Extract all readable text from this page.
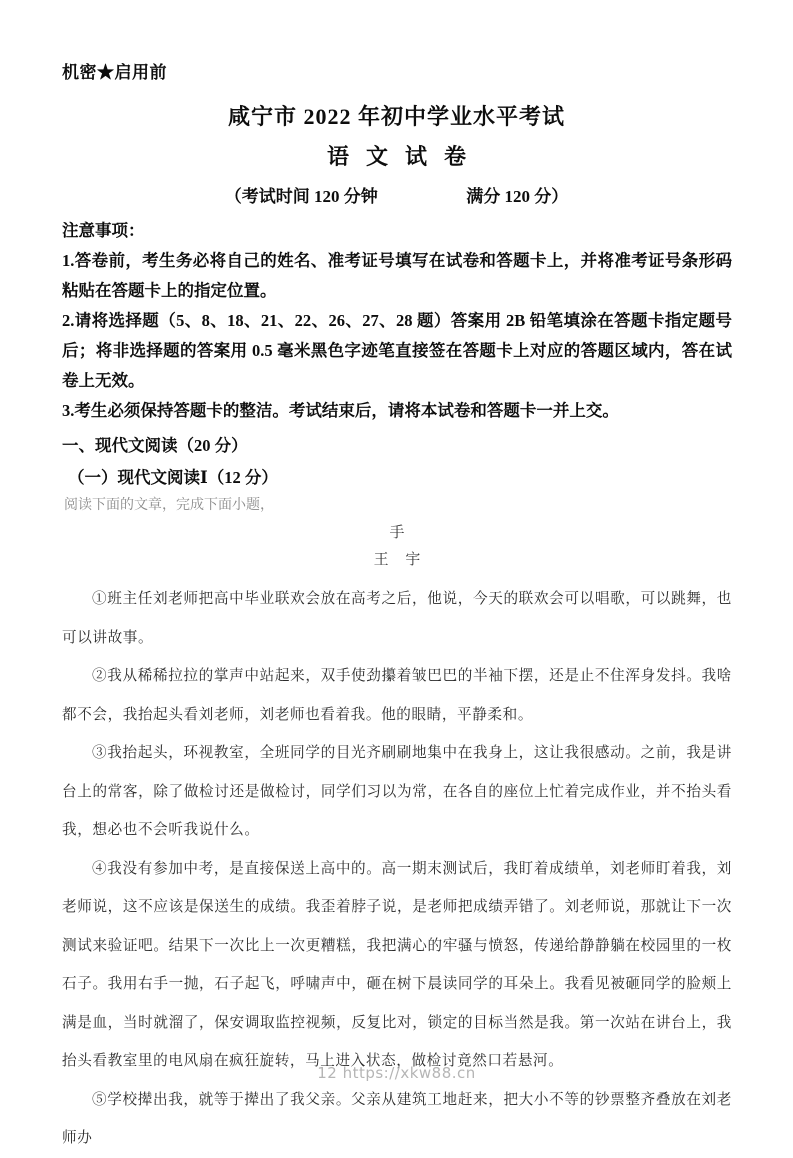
机密★启用前
咸宁市 2022 年初中学业水平考试
语文试卷
（考试时间 120 分钟	满分 120 分）
注意事项：
1.答卷前，考生务必将自己的姓名、准考证号填写在试卷和答题卡上，并将准考证号条形码粘贴在答题卡上的指定位置。
2.请将选择题（5、8、18、21、22、26、27、28 题）答案用 2B 铅笔填涂在答题卡指定题号后；将非选择题的答案用 0.5 毫米黑色字迹笔直接签在答题卡上对应的答题区域内，答在试卷上无效。
3.考生必须保持答题卡的整洁。考试结束后，请将本试卷和答题卡一并上交。
一、现代文阅读（20 分）
（一）现代文阅读Ⅰ（12 分）
阅读下面的文章，完成下面小题，
手
王 宇

①班主任刘老师把高中毕业联欢会放在高考之后，他说，今天的联欢会可以唱歌，可以跳舞，也可以讲故事。

②我从稀稀拉拉的掌声中站起来，双手使劲攥着皱巴巴的半袖下摆，还是止不住浑身发抖。我啥都不会，我抬起头看刘老师，刘老师也看着我。他的眼睛，平静柔和。

③我抬起头，环视教室，全班同学的目光齐刷刷地集中在我身上，这让我很感动。之前，我是讲台上的常客，除了做检讨还是做检讨，同学们习以为常，在各自的座位上忙着完成作业，并不抬头看我，想必也不会听我说什么。

④我没有参加中考，是直接保送上高中的。高一期末测试后，我盯着成绩单，刘老师盯着我，刘老师说，这不应该是保送生的成绩。我歪着脖子说，是老师把成绩弄错了。刘老师说，那就让下一次测试来验证吧。结果下一次比上一次更糟糕，我把满心的牢骚与愤怒，传递给静静躺在校园里的一枚石子。我用右手一抛，石子起飞，呼啸声中，砸在树下晨读同学的耳朵上。我看见被砸同学的脸颊上满是血，当时就溜了，保安调取监控视频，反复比对，锁定的目标当然是我。第一次站在讲台上，我抬头看教室里的电风扇在疯狂旋转，马上进入状态，做检讨竟然口若悬河。

⑤学校撵出我，就等于撵出了我父亲。父亲从建筑工地赶来，把大小不等的钞票整齐叠放在刘老师办

12 https://xkw88.cn
